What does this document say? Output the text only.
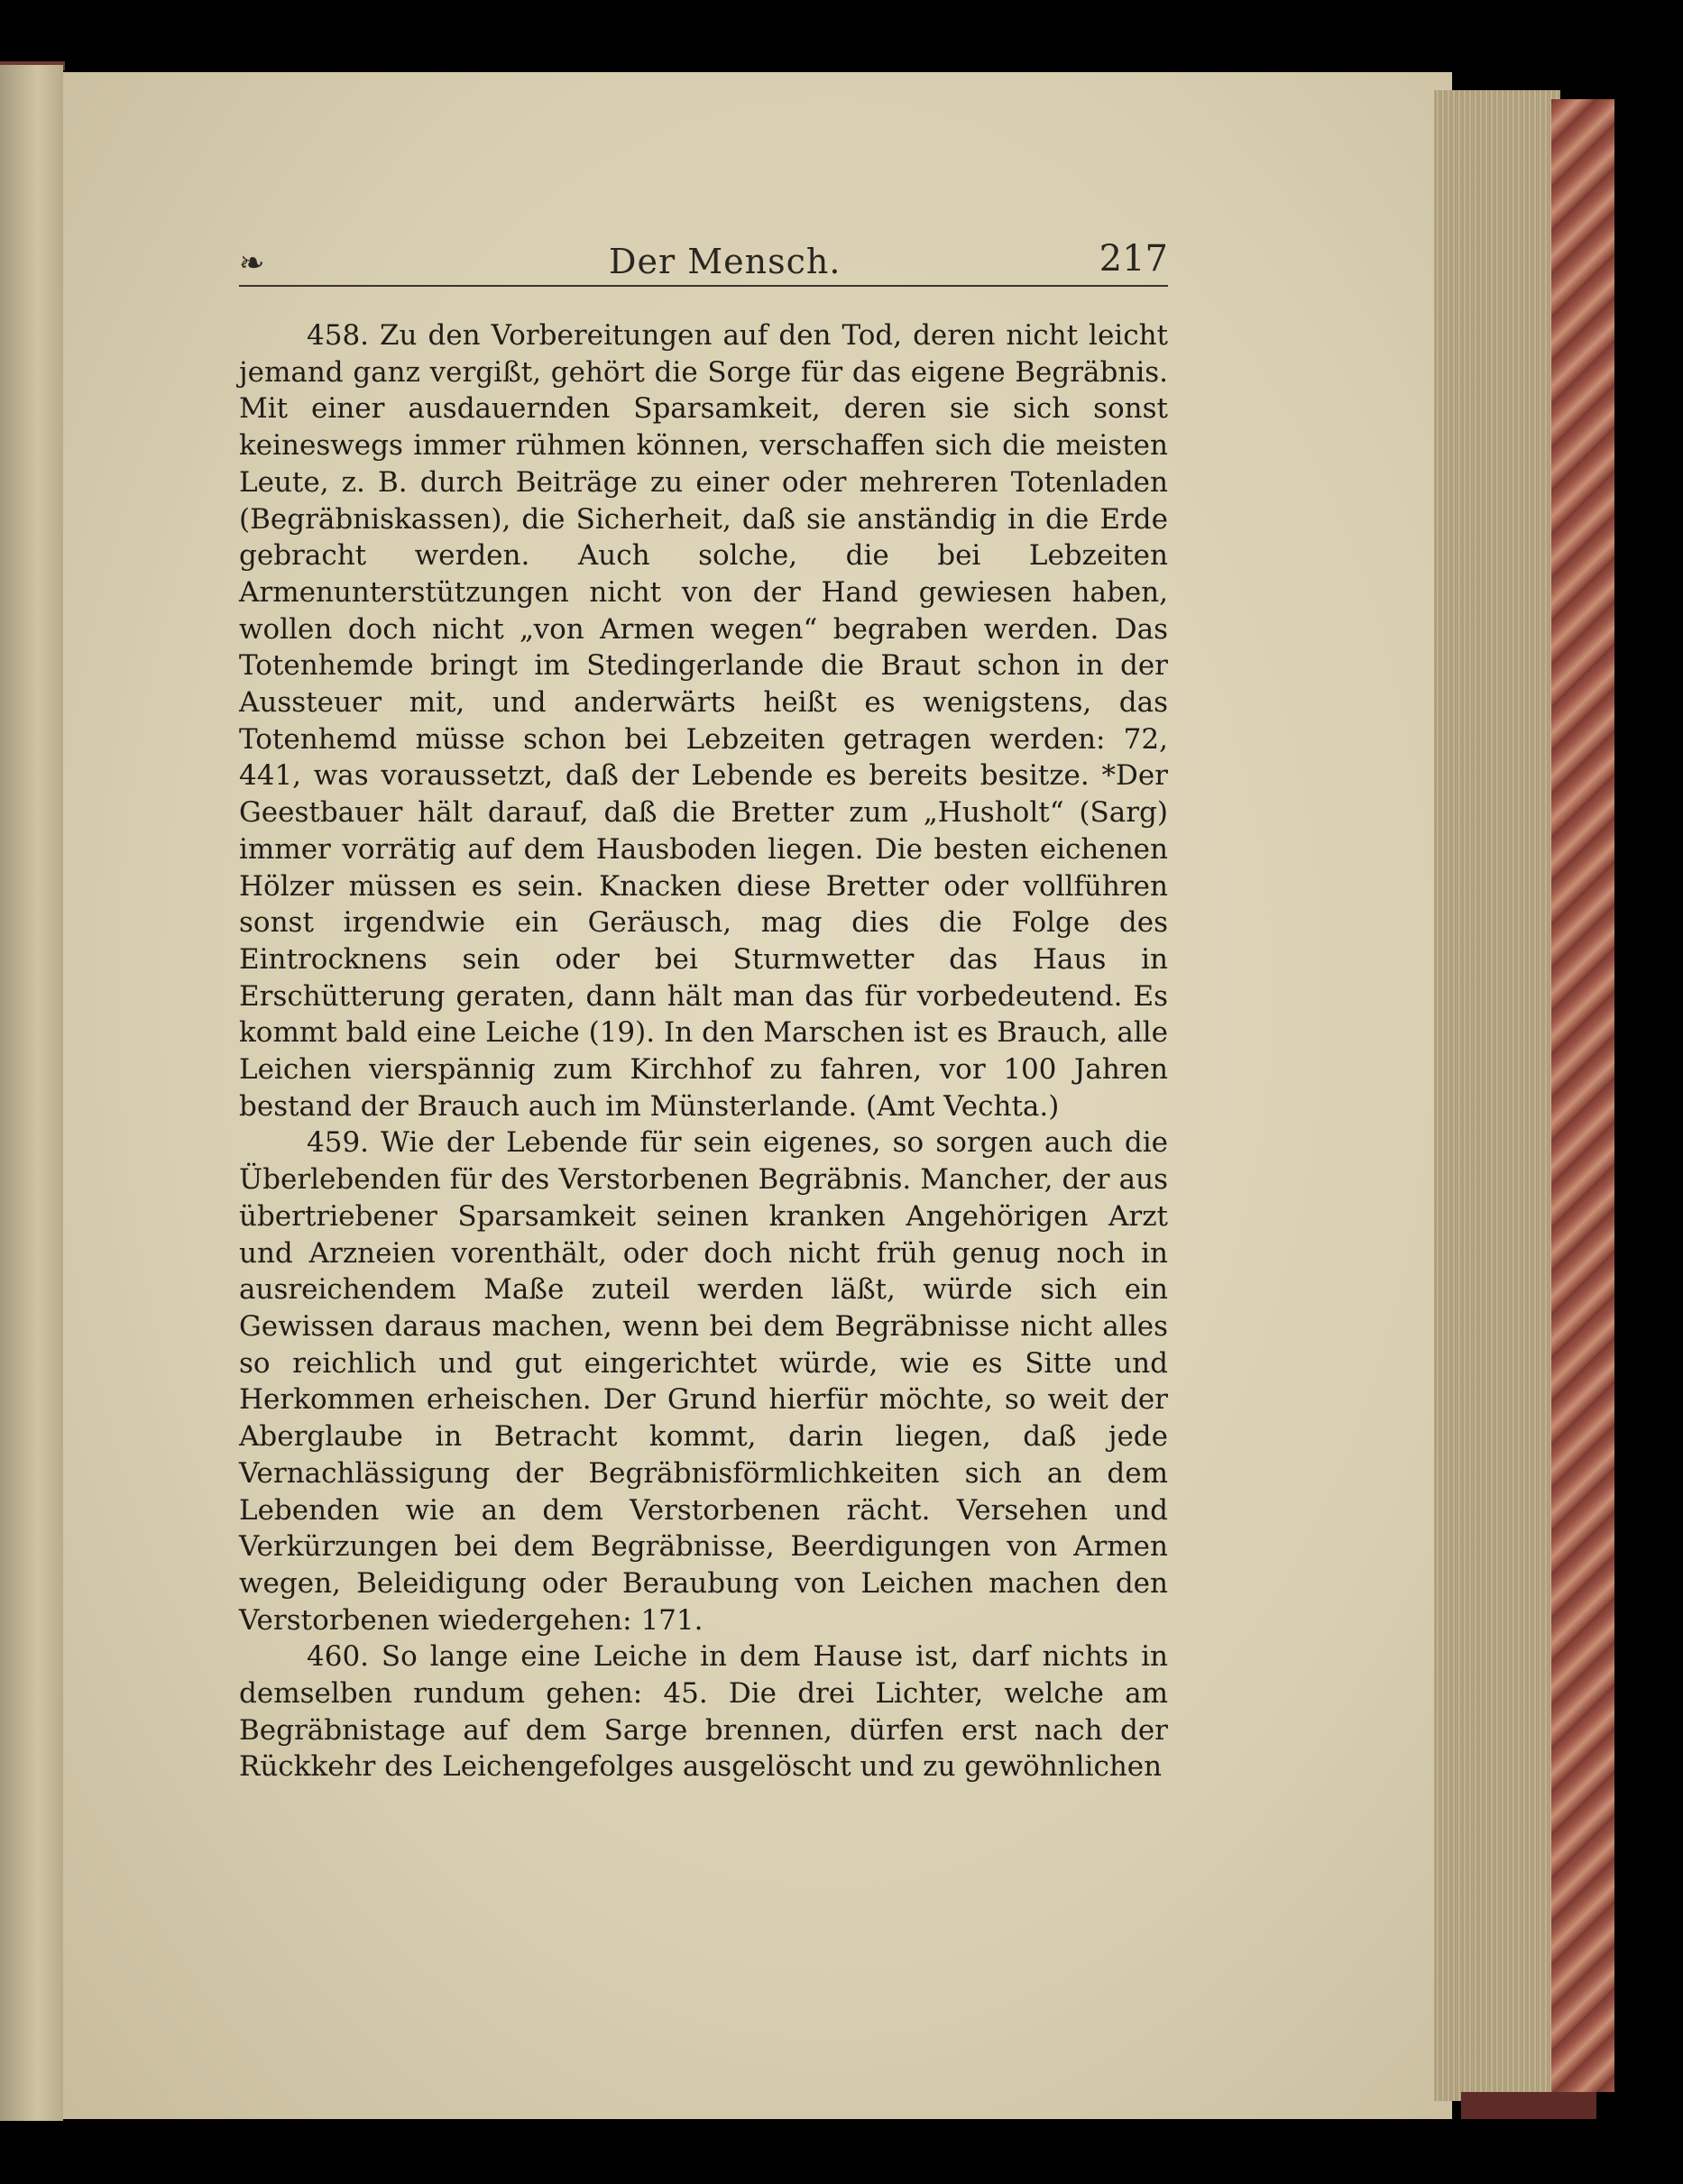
❧	Der Mensch.	217

458. Zu den Vorbereitungen auf den Tod, deren nicht leicht jemand ganz vergißt, gehört die Sorge für das eigene Begräbnis. Mit einer ausdauernden Sparsamkeit, deren sie sich sonst keineswegs immer rühmen können, verschaffen sich die meisten Leute, z. B. durch Beiträge zu einer oder mehreren Totenladen (Begräbniskassen), die Sicherheit, daß sie anständig in die Erde gebracht werden. Auch solche, die bei Lebzeiten Armenunterstützungen nicht von der Hand gewiesen haben, wollen doch nicht „von Armen wegen“ begraben werden. Das Totenhemde bringt im Stedingerlande die Braut schon in der Aussteuer mit, und anderwärts heißt es wenigstens, das Totenhemd müsse schon bei Lebzeiten getragen werden: 72, 441, was voraussetzt, daß der Lebende es bereits besitze. *Der Geestbauer hält darauf, daß die Bretter zum „Husholt“ (Sarg) immer vorrätig auf dem Hausboden liegen. Die besten eichenen Hölzer müssen es sein. Knacken diese Bretter oder vollführen sonst irgendwie ein Geräusch, mag dies die Folge des Eintrocknens sein oder bei Sturmwetter das Haus in Erschütterung geraten, dann hält man das für vorbedeutend. Es kommt bald eine Leiche (19). In den Marschen ist es Brauch, alle Leichen vierspännig zum Kirchhof zu fahren, vor 100 Jahren bestand der Brauch auch im Münsterlande. (Amt Vechta.)

459. Wie der Lebende für sein eigenes, so sorgen auch die Überlebenden für des Verstorbenen Begräbnis. Mancher, der aus übertriebener Sparsamkeit seinen kranken Angehörigen Arzt und Arzneien vorenthält, oder doch nicht früh genug noch in ausreichendem Maße zuteil werden läßt, würde sich ein Gewissen daraus machen, wenn bei dem Begräbnisse nicht alles so reichlich und gut eingerichtet würde, wie es Sitte und Herkommen erheischen. Der Grund hierfür möchte, so weit der Aberglaube in Betracht kommt, darin liegen, daß jede Vernachlässigung der Begräbnisförmlichkeiten sich an dem Lebenden wie an dem Verstorbenen rächt. Versehen und Verkürzungen bei dem Begräbnisse, Beerdigungen von Armen wegen, Beleidigung oder Beraubung von Leichen machen den Verstorbenen wiedergehen: 171.

460. So lange eine Leiche in dem Hause ist, darf nichts in demselben rundum gehen: 45. Die drei Lichter, welche am Begräbnistage auf dem Sarge brennen, dürfen erst nach der Rückkehr des Leichengefolges ausgelöscht und zu gewöhnlichen
